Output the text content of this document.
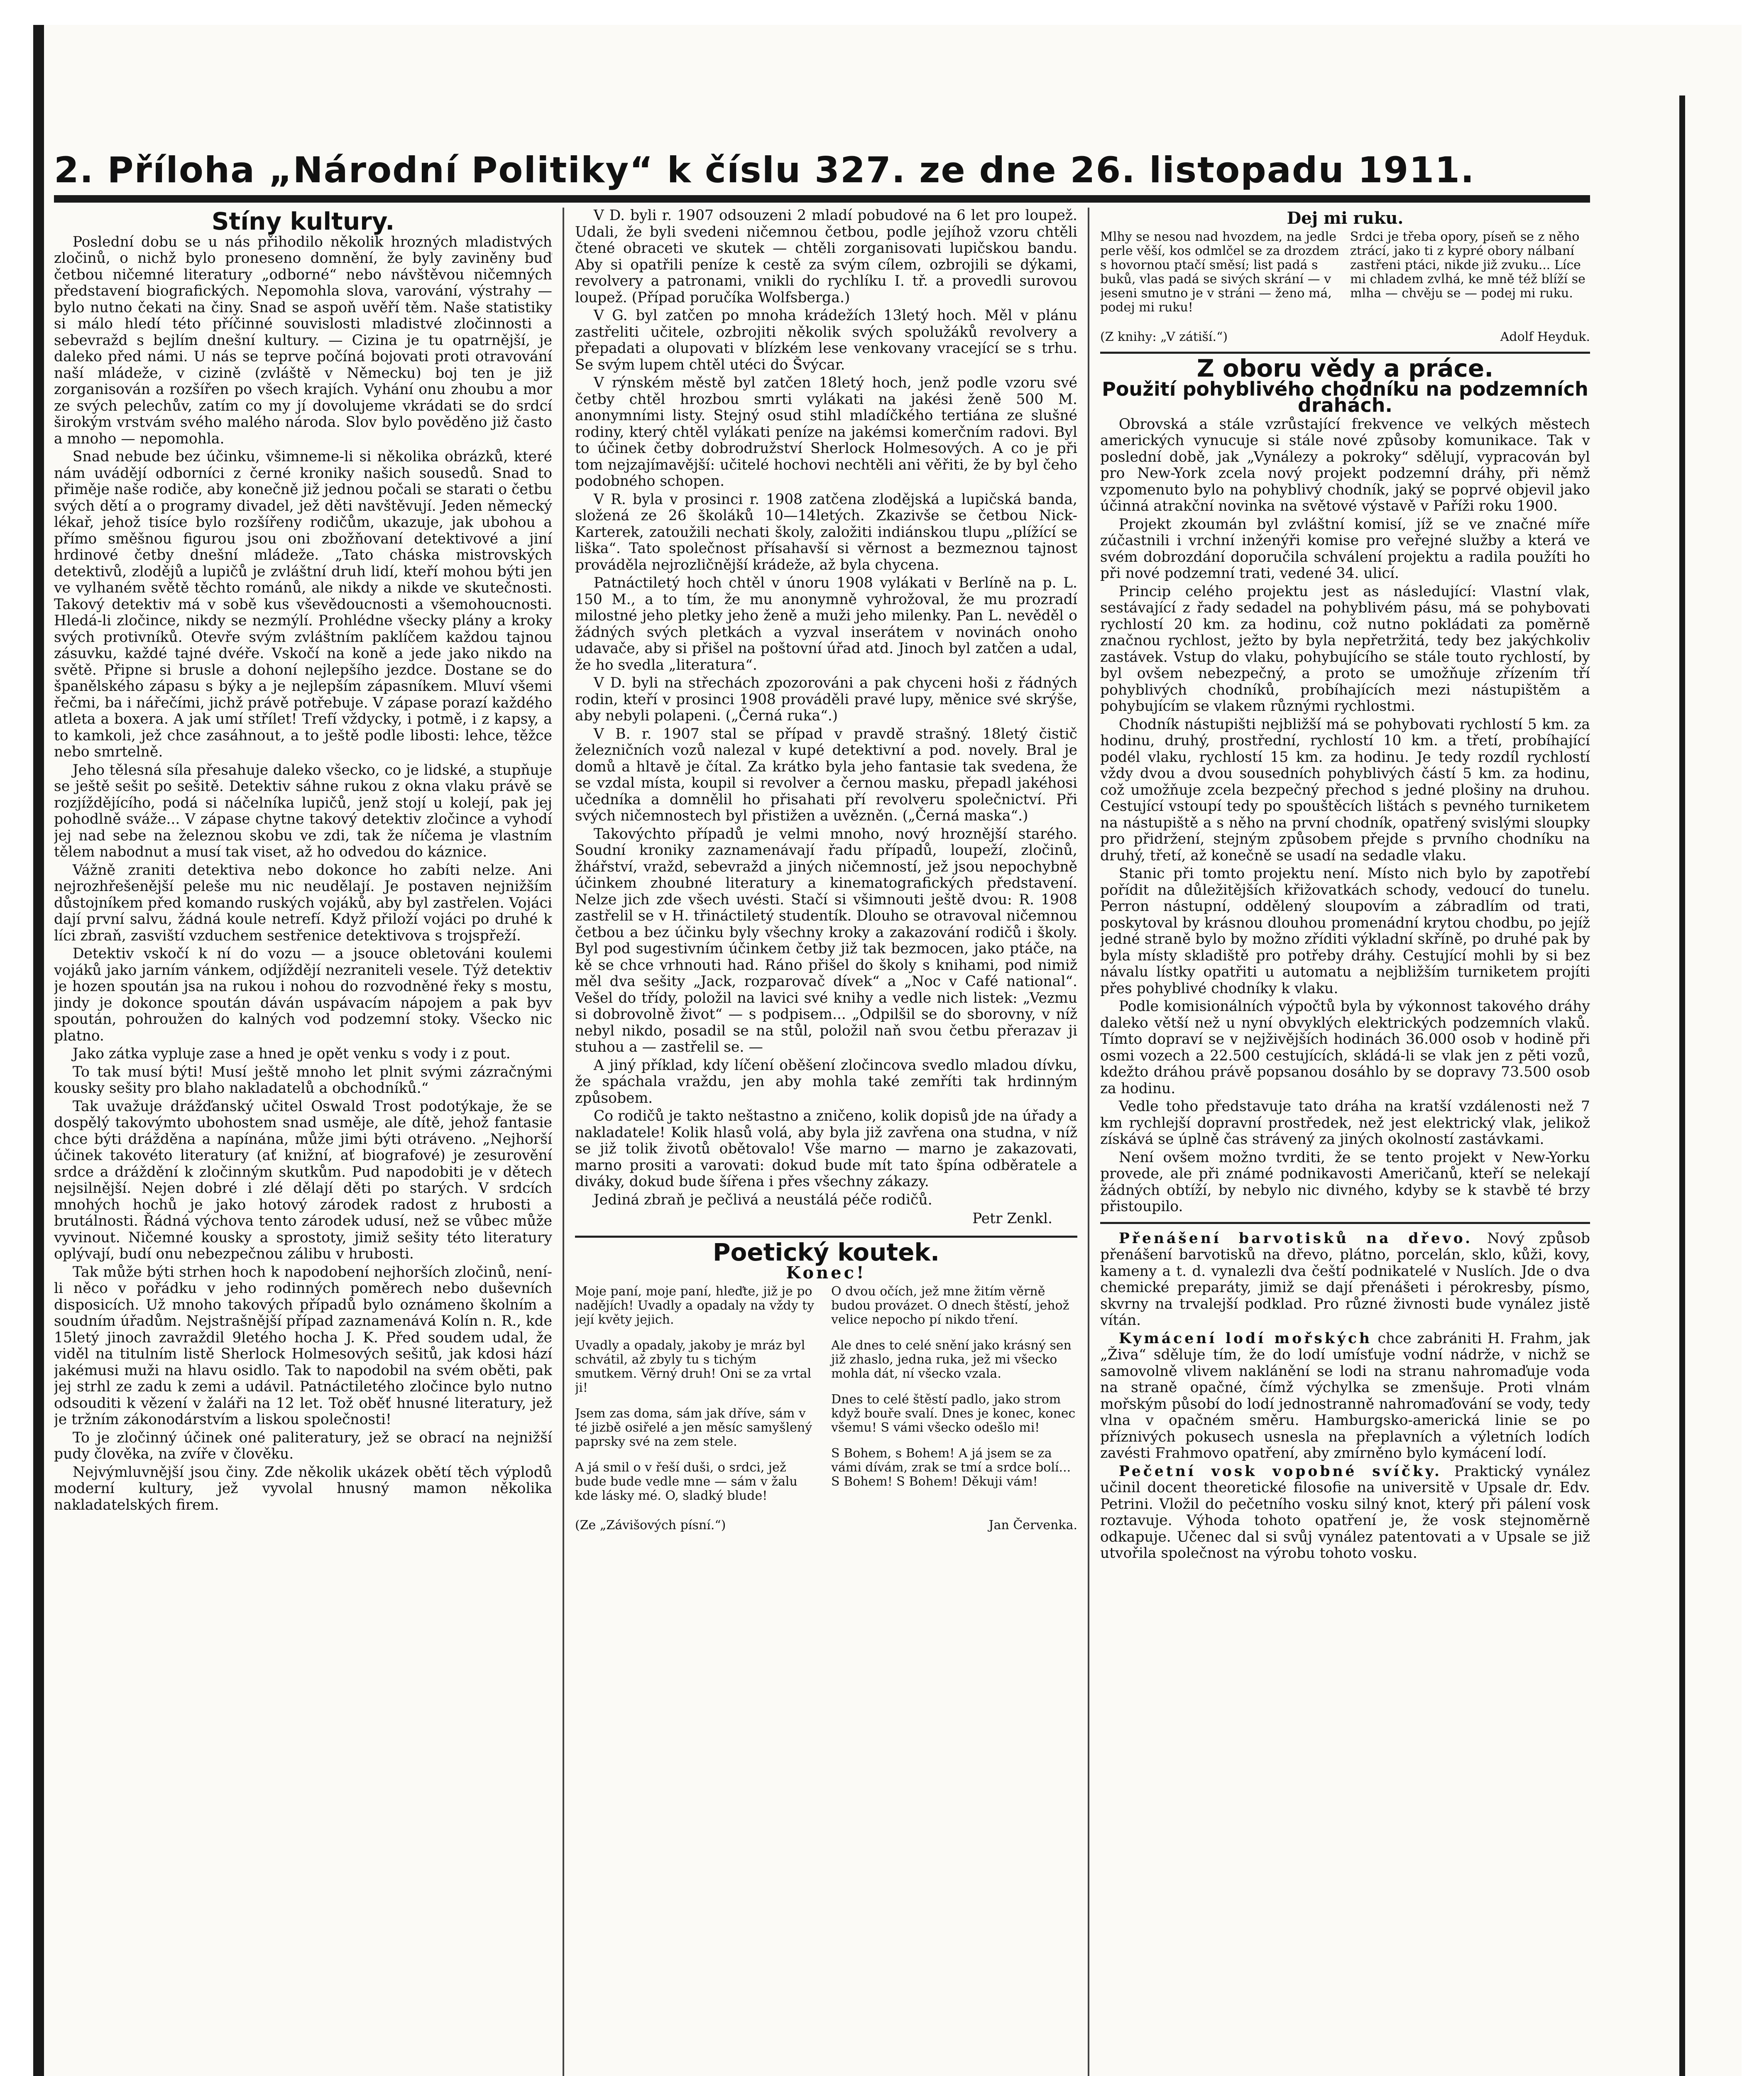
2. Příloha „Národní Politiky“ k číslu 327. ze dne 26. listopadu 1911.
Stíny kultury.

Poslední dobu se u nás přihodilo několik hrozných mladistvých zločinů, o nichž bylo proneseno domnění, že byly zaviněny buď četbou ničemné literatury „odborné“ nebo návštěvou ničemných představení biografických. Nepomohla slova, varování, výstrahy — bylo nutno čekati na činy. Snad se aspoň uvěří těm. Naše statistiky si málo hledí této příčinné souvislosti mladistvé zločinnosti a sebevražd s bejlím dnešní kultury. — Cizina je tu opatrnější, je daleko před námi. U nás se teprve počíná bojovati proti otravování naší mládeže, v cizině (zvláště v Německu) boj ten je již zorganisován a rozšířen po všech krajích. Vyhání onu zhoubu a mor ze svých pelechův, zatím co my jí dovolujeme vkrádati se do srdcí širokým vrstvám svého malého národa. Slov bylo pověděno již často a mnoho — nepomohla.

Snad nebude bez účinku, všimneme-li si několika obrázků, které nám uvádějí odborníci z černé kroniky našich sousedů. Snad to přiměje naše rodiče, aby konečně již jednou počali se starati o četbu svých dětí a o programy divadel, jež děti navštěvují. Jeden německý lékař, jehož tisíce bylo rozšířeny rodičům, ukazuje, jak ubohou a přímo směšnou figurou jsou oni zbožňovaní detektivové a jiní hrdinové četby dnešní mládeže. „Tato cháska mistrovských detektivů, zlodějů a lupičů je zvláštní druh lidí, kteří mohou býti jen ve vylhaném světě těchto románů, ale nikdy a nikde ve skutečnosti. Takový detektiv má v sobě kus vševědoucnosti a všemohoucnosti. Hledá-li zločince, nikdy se nezmýlí. Prohlédne všecky plány a kroky svých protivníků. Otevře svým zvláštním paklíčem každou tajnou zásuvku, každé tajné dvéře. Vskočí na koně a jede jako nikdo na světě. Připne si brusle a dohoní nejlepšího jezdce. Dostane se do španělského zápasu s býky a je nejlepším zápasníkem. Mluví všemi řečmi, ba i nářečími, jichž právě potřebuje. V zápase porazí každého atleta a boxera. A jak umí střílet! Trefí vždycky, i potmě, i z kapsy, a to kamkoli, jež chce zasáhnout, a to ještě podle libosti: lehce, těžce nebo smrtelně.

Jeho tělesná síla přesahuje daleko všecko, co je lidské, a stupňuje se ještě sešit po sešitě. Detektiv sáhne rukou z okna vlaku právě se rozjíždějícího, podá si náčelníka lupičů, jenž stojí u kolejí, pak jej pohodlně sváže... V zápase chytne takový detektiv zločince a vyhodí jej nad sebe na železnou skobu ve zdi, tak že níčema je vlastním tělem nabodnut a musí tak viset, až ho odvedou do káznice.

Vážně zraniti detektiva nebo dokonce ho zabíti nelze. Ani nejrozhřešenější peleše mu nic neudělají. Je postaven nejnižším důstojníkem před komando ruských vojáků, aby byl zastřelen. Vojáci dají první salvu, žádná koule netrefí. Když přiloží vojáci po druhé k líci zbraň, zasviští vzduchem sestřenice detektivova s trojspřeží.

Detektiv vskočí k ní do vozu — a jsouce obletováni koulemi vojáků jako jarním vánkem, odjíždějí nezraniteli vesele. Týž detektiv je hozen spoután jsa na rukou i nohou do rozvodněné řeky s mostu, jindy je dokonce spoután dáván uspávacím nápojem a pak byv spoután, pohroužen do kalných vod podzemní stoky. Všecko nic platno.

Jako zátka vypluje zase a hned je opět venku s vody i z pout.

To tak musí býti! Musí ještě mnoho let plnit svými zázračnými kousky sešity pro blaho nakladatelů a obchodníků.“

Tak uvažuje drážďanský učitel Oswald Trost podotýkaje, že se dospělý takovýmto ubohostem snad usměje, ale dítě, jehož fantasie chce býti drážděna a napínána, může jimi býti otráveno. „Nejhorší účinek takovéto literatury (ať knižní, ať biografové) je zesurovění srdce a dráždění k zločinným skutkům. Pud napodobiti je v dětech nejsilnější. Nejen dobré i zlé dělají děti po starých. V srdcích mnohých hochů je jako hotový zárodek radost z hrubosti a brutálnosti. Řádná výchova tento zárodek udusí, než se vůbec může vyvinout. Ničemné kousky a sprostoty, jimiž sešity této literatury oplývají, budí onu nebezpečnou zálibu v hrubosti.

Tak může býti strhen hoch k napodobení nejhorších zločinů, není-li něco v pořádku v jeho rodinných poměrech nebo duševních disposicích. Už mnoho takových případů bylo oznámeno školním a soudním úřadům. Nejstrašnější případ zaznamenává Kolín n. R., kde 15letý jinoch zavraždil 9letého hocha J. K. Před soudem udal, že viděl na titulním listě Sherlock Holmesových sešitů, jak kdosi hází jakémusi muži na hlavu osidlo. Tak to napodobil na svém oběti, pak jej strhl ze zadu k zemi a udávil. Patnáctiletého zločince bylo nutno odsouditi k vězení v žaláři na 12 let. Tož oběť hnusné literatury, jež je tržním zákonodárstvím a liskou společnosti!

To je zločinný účinek oné paliteratury, jež se obrací na nejnižší pudy člověka, na zvíře v člověku.

Nejvýmluvnější jsou činy. Zde několik ukázek obětí těch výplodů moderní kultury, jež vyvolal hnusný mamon několika nakladatelských firem.

V D. byli r. 1907 odsouzeni 2 mladí pobudové na 6 let pro loupež. Udali, že byli svedeni ničemnou četbou, podle jejíhož vzoru chtěli čtené obraceti ve skutek — chtěli zorganisovati lupičskou bandu. Aby si opatřili peníze k cestě za svým cílem, ozbrojili se dýkami, revolvery a patronami, vnikli do rychlíku I. tř. a provedli surovou loupež. (Případ poručíka Wolfsberga.)

V G. byl zatčen po mnoha krádežích 13letý hoch. Měl v plánu zastřeliti učitele, ozbrojiti několik svých spolužáků revolvery a přepadati a olupovati v blízkém lese venkovany vracející se s trhu. Se svým lupem chtěl utéci do Švýcar.

V rýnském městě byl zatčen 18letý hoch, jenž podle vzoru své četby chtěl hrozbou smrti vylákati na jakési ženě 500 M. anonymními listy. Stejný osud stihl mladíčkého tertiána ze slušné rodiny, který chtěl vylákati peníze na jakémsi komerčním radovi. Byl to účinek četby dobrodružství Sherlock Holmesových. A co je při tom nejzajímavější: učitelé hochovi nechtěli ani věřiti, že by byl čeho podobného schopen.

V R. byla v prosinci r. 1908 zatčena zlodějská a lupičská banda, složená ze 26 školáků 10—14letých. Zkazivše se četbou Nick-Karterek, zatoužili nechati školy, založiti indiánskou tlupu „plížící se liška“. Tato společnost přísahavší si věrnost a bezmeznou tajnost prováděla nejrozličnější krádeže, až byla chycena.

Patnáctiletý hoch chtěl v únoru 1908 vylákati v Berlíně na p. L. 150 M., a to tím, že mu anonymně vyhrožoval, že mu prozradí milostné jeho pletky jeho ženě a muži jeho milenky. Pan L. nevěděl o žádných svých pletkách a vyzval inserátem v novinách onoho udavače, aby si přišel na poštovní úřad atd. Jinoch byl zatčen a udal, že ho svedla „literatura“.

V D. byli na střechách zpozorováni a pak chyceni hoši z řádných rodin, kteří v prosinci 1908 prováděli pravé lupy, měnice své skrýše, aby nebyli polapeni. („Černá ruka“.)

V B. r. 1907 stal se případ v pravdě strašný. 18letý čistič železničních vozů nalezal v kupé detektivní a pod. novely. Bral je domů a hltavě je čítal. Za krátko byla jeho fantasie tak svedena, že se vzdal místa, koupil si revolver a černou masku, přepadl jakéhosi učedníka a domnělil ho přisahati pří revolveru společnictví. Při svých ničemnostech byl přistižen a uvězněn. („Černá maska“.)

Takovýchto případů je velmi mnoho, nový hroznější starého. Soudní kroniky zaznamenávají řadu případů, loupeží, zločinů, žhářství, vražd, sebevražd a jiných ničemností, jež jsou nepochybně účinkem zhoubné literatury a kinematografických představení. Nelze jich zde všech uvésti. Stačí si všimnouti ještě dvou: R. 1908 zastřelil se v H. třináctiletý studentík. Dlouho se otravoval ničemnou četbou a bez účinku byly všechny kroky a zakazování rodičů i školy. Byl pod sugestivním účinkem četby již tak bezmocen, jako ptáče, na kě se chce vrhnouti had. Ráno přišel do školy s knihami, pod nimiž měl dva sešity „Jack, rozparovač dívek“ a „Noc v Café national“. Vešel do třídy, položil na lavici své knihy a vedle nich listek: „Vezmu si dobrovolně život“ — s podpisem... „Odpilšil se do sborovny, v níž nebyl nikdo, posadil se na stůl, položil naň svou četbu přerazav ji stuhou a — zastřelil se. —

A jiný příklad, kdy líčení oběšení zločincova svedlo mladou dívku, že spáchala vraždu, jen aby mohla také zemříti tak hrdinným způsobem.

Co rodičů je takto neštastno a zničeno, kolik dopisů jde na úřady a nakladatele! Kolik hlasů volá, aby byla již zavřena ona studna, v níž se již tolik životů obětovalo! Vše marno — marno je zakazovati, marno prositi a varovati: dokud bude mít tato špína odběratele a diváky, dokud bude šířena i přes všechny zákazy.

Jediná zbraň je pečlivá a neustálá péče rodičů.

Petr Zenkl.
Poetický koutek.
Konec!

Moje paní, moje paní, hleďte, již je po nadějích! Uvadly a opadaly na vždy ty její květy jejich.

Uvadly a opadaly, jakoby je mráz byl schvátil, až zbyly tu s tichým smutkem. Věrný druh! Oni se za vrtal ji!

Jsem zas doma, sám jak dříve, sám v té jizbě osiřelé a jen měsíc samyšlený paprsky své na zem stele.

A já smil o v řeší duši, o srdci, jež bude bude vedle mne — sám v žalu kde lásky mé. O, sladký blude!

O dvou očích, jež mne žitím věrně budou provázet. O dnech štěstí, jehož velice nepocho pí nikdo tření.

Ale dnes to celé snění jako krásný sen již zhaslo, jedna ruka, jež mi všecko mohla dát, ní všecko vzala.

Dnes to celé štěstí padlo, jako strom když bouře svalí. Dnes je konec, konec všemu! S vámi všecko odešlo mi!

S Bohem, s Bohem! A já jsem se za vámi dívám, zrak se tmí a srdce bolí... S Bohem! S Bohem! Děkuji vám!

(Ze „Závišových písní.“)	Jan Červenka.
Dej mi ruku.

Mlhy se nesou nad hvozdem, na jedle perle věší, kos odmlčel se za drozdem s hovornou ptačí směsí; list padá s buků, vlas padá se sivých skrání — v jeseni smutno je v stráni — ženo má, podej mi ruku!

Srdci je třeba opory, píseň se z něho ztrácí, jako ti z kypré obory nálbaní zastřeni ptáci, nikde již zvuku... Líce mi chladem zvlhá, ke mně též blíží se mlha — chvěju se — podej mi ruku.

(Z knihy: „V zátiší.“)	Adolf Heyduk.
Z oboru vědy a práce.
Použití pohyblivého chodníku na podzemních drahách.

Obrovská a stále vzrůstající frekvence ve velkých městech amerických vynucuje si stále nové způsoby komunikace. Tak v poslední době, jak „Vynálezy a pokroky“ sdělují, vypracován byl pro New-York zcela nový projekt podzemní dráhy, při němž vzpomenuto bylo na pohyblivý chodník, jaký se poprvé objevil jako účinná atrakční novinka na světové výstavě v Paříži roku 1900.

Projekt zkoumán byl zvláštní komisí, jíž se ve značné míře zúčastnili i vrchní inženýři komise pro veřejné služby a která ve svém dobrozdání doporučila schválení projektu a radila použíti ho při nové podzemní trati, vedené 34. ulicí.

Princip celého projektu jest as následující: Vlastní vlak, sestávající z řady sedadel na pohyblivém pásu, má se pohybovati rychlostí 20 km. za hodinu, což nutno pokládati za poměrně značnou rychlost, ježto by byla nepřetržitá, tedy bez jakýchkoliv zastávek. Vstup do vlaku, pohybujícího se stále touto rychlostí, by byl ovšem nebezpečný, a proto se umožňuje zřízením tří pohyblivých chodníků, probíhajících mezi nástupištěm a pohybujícím se vlakem různými rychlostmi.

Chodník nástupišti nejbližší má se pohybovati rychlostí 5 km. za hodinu, druhý, prostřední, rychlostí 10 km. a třetí, probíhající podél vlaku, rychlostí 15 km. za hodinu. Je tedy rozdíl rychlostí vždy dvou a dvou sousedních pohyblivých částí 5 km. za hodinu, což umožňuje zcela bezpečný přechod s jedné plošiny na druhou. Cestující vstoupí tedy po spouštěcích lištách s pevného turniketem na nástupiště a s něho na první chodník, opatřený svislými sloupky pro přidržení, stejným způsobem přejde s prvního chodníku na druhý, třetí, až konečně se usadí na sedadle vlaku.

Stanic při tomto projektu není. Místo nich bylo by zapotřebí pořídit na důležitějších křižovatkách schody, vedoucí do tunelu. Perron nástupní, oddělený sloupovím a zábradlím od trati, poskytoval by krásnou dlouhou promenádní krytou chodbu, po jejíž jedné straně bylo by možno zříditi výkladní skříně, po druhé pak by byla místy skladiště pro potřeby dráhy. Cestující mohli by si bez návalu lístky opatřiti u automatu a nejbližším turniketem projíti přes pohyblivé chodníky k vlaku.

Podle komisionálních výpočtů byla by výkonnost takového dráhy daleko větší než u nyní obvyklých elektrických podzemních vlaků. Tímto dopraví se v nejživějších hodinách 36.000 osob v hodině při osmi vozech a 22.500 cestujících, skládá-li se vlak jen z pěti vozů, kdežto dráhou právě popsanou dosáhlo by se dopravy 73.500 osob za hodinu.

Vedle toho představuje tato dráha na kratší vzdálenosti než 7 km rychlejší dopravní prostředek, než jest elektrický vlak, jelikož získává se úplně čas strávený za jiných okolností zastávkami.

Není ovšem možno tvrditi, že se tento projekt v New-Yorku provede, ale při známé podnikavosti Američanů, kteří se nelekají žádných obtíží, by nebylo nic divného, kdyby se k stavbě té brzy přistoupilo.

Přenášení barvotisků na dřevo. Nový způsob přenášení barvotisků na dřevo, plátno, porcelán, sklo, kůži, kovy, kameny a t. d. vynalezli dva čeští podnikatelé v Nuslích. Jde o dva chemické preparáty, jimiž se dají přenášeti i pérokresby, písmo, skvrny na trvalejší podklad. Pro různé živnosti bude vynález jistě vítán.

Kymácení lodí mořských chce zabrániti H. Frahm, jak „Živa“ sděluje tím, že do lodí umísťuje vodní nádrže, v nichž se samovolně vlivem naklánění se lodi na stranu nahromaďuje voda na straně opačné, čímž výchylka se zmenšuje. Proti vlnám mořským působí do lodí jednostranně nahromaďování se vody, tedy vlna v opačném směru. Hamburgsko-americká linie se po příznivých pokusech usnesla na přeplavních a výletních lodích zavésti Frahmovo opatření, aby zmírněno bylo kymácení lodí.

Pečetní vosk vopobné svíčky. Praktický vynález učinil docent theoretické filosofie na universitě v Upsale dr. Edv. Petrini. Vložil do pečetního vosku silný knot, který při pálení vosk roztavuje. Výhoda tohoto opatření je, že vosk stejnoměrně odkapuje. Učenec dal si svůj vynález patentovati a v Upsale se již utvořila společnost na výrobu tohoto vosku.
